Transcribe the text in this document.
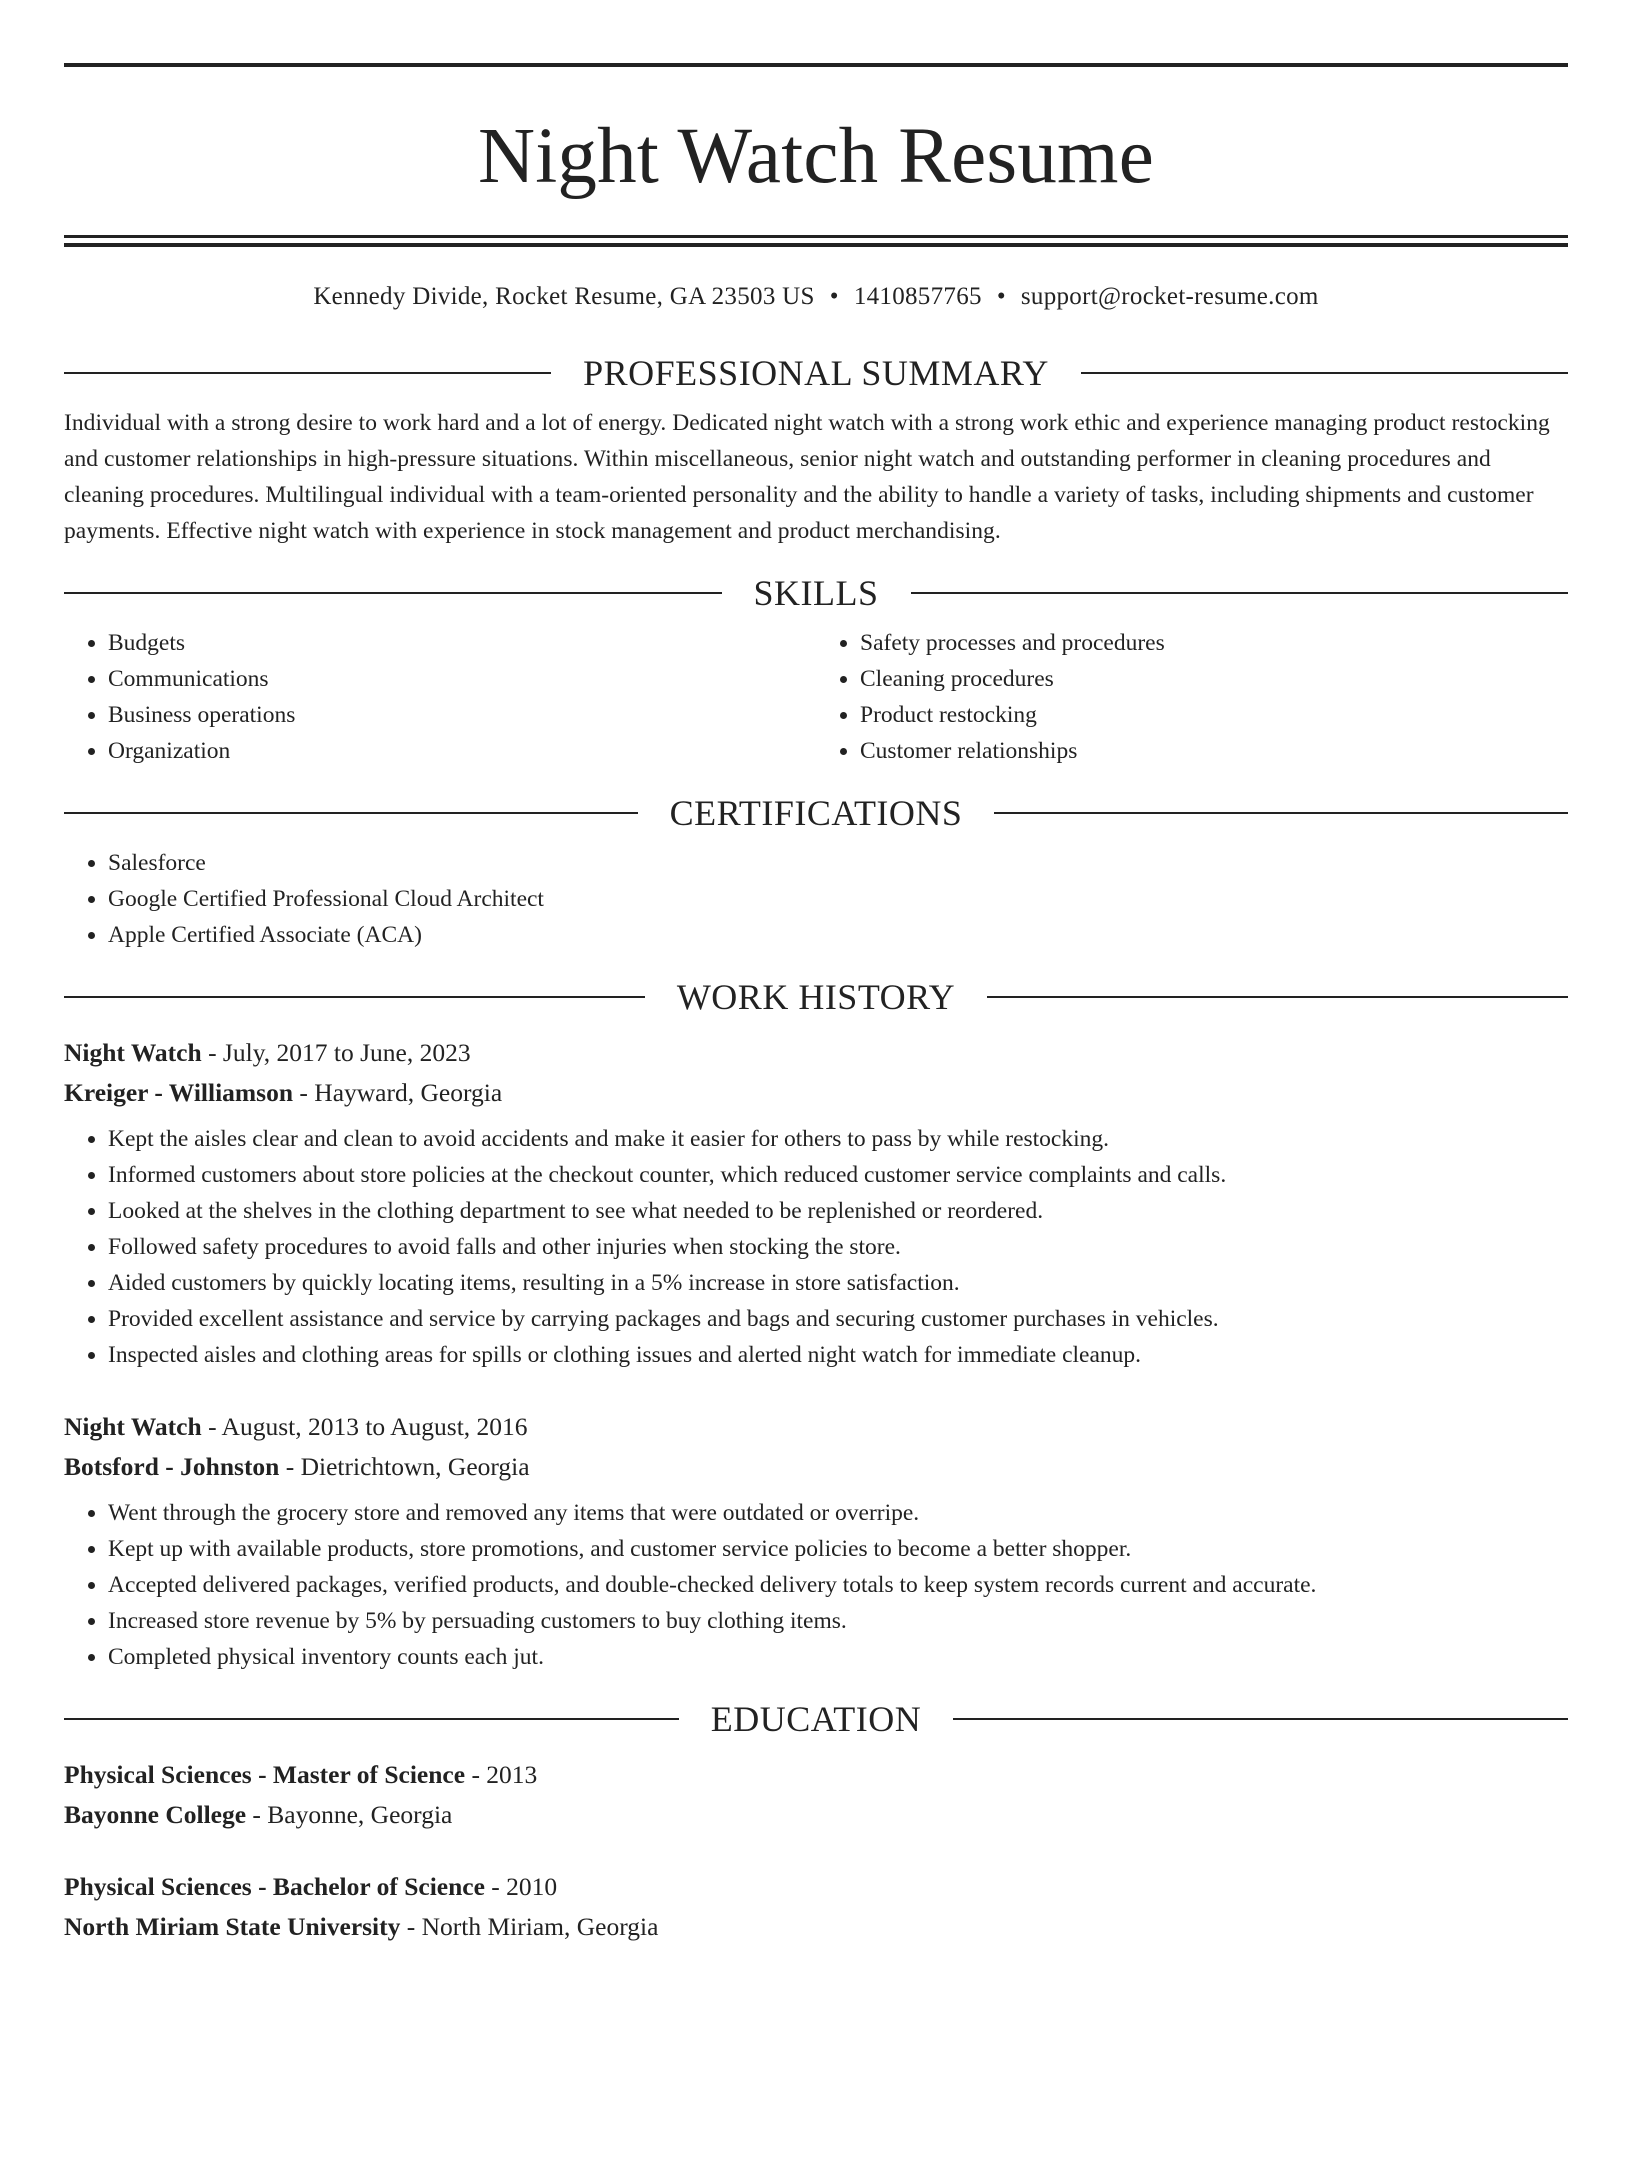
Night Watch Resume
Kennedy Divide, Rocket Resume, GA 23503 US • 1410857765 • support@rocket-resume.com
PROFESSIONAL SUMMARY
Individual with a strong desire to work hard and a lot of energy. Dedicated night watch with a strong work ethic and experience managing product restocking and customer relationships in high-pressure situations. Within miscellaneous, senior night watch and outstanding performer in cleaning procedures and cleaning procedures. Multilingual individual with a team-oriented personality and the ability to handle a variety of tasks, including shipments and customer payments. Effective night watch with experience in stock management and product merchandising.
SKILLS
• Budgets
• Communications
• Business operations
• Organization
• Safety processes and procedures
• Cleaning procedures
• Product restocking
• Customer relationships
CERTIFICATIONS
• Salesforce
• Google Certified Professional Cloud Architect
• Apple Certified Associate (ACA)
WORK HISTORY
Night Watch - July, 2017 to June, 2023
Kreiger - Williamson - Hayward, Georgia
• Kept the aisles clear and clean to avoid accidents and make it easier for others to pass by while restocking.
• Informed customers about store policies at the checkout counter, which reduced customer service complaints and calls.
• Looked at the shelves in the clothing department to see what needed to be replenished or reordered.
• Followed safety procedures to avoid falls and other injuries when stocking the store.
• Aided customers by quickly locating items, resulting in a 5% increase in store satisfaction.
• Provided excellent assistance and service by carrying packages and bags and securing customer purchases in vehicles.
• Inspected aisles and clothing areas for spills or clothing issues and alerted night watch for immediate cleanup.
Night Watch - August, 2013 to August, 2016
Botsford - Johnston - Dietrichtown, Georgia
• Went through the grocery store and removed any items that were outdated or overripe.
• Kept up with available products, store promotions, and customer service policies to become a better shopper.
• Accepted delivered packages, verified products, and double-checked delivery totals to keep system records current and accurate.
• Increased store revenue by 5% by persuading customers to buy clothing items.
• Completed physical inventory counts each jut.
EDUCATION
Physical Sciences - Master of Science - 2013
Bayonne College - Bayonne, Georgia
Physical Sciences - Bachelor of Science - 2010
North Miriam State University - North Miriam, Georgia
